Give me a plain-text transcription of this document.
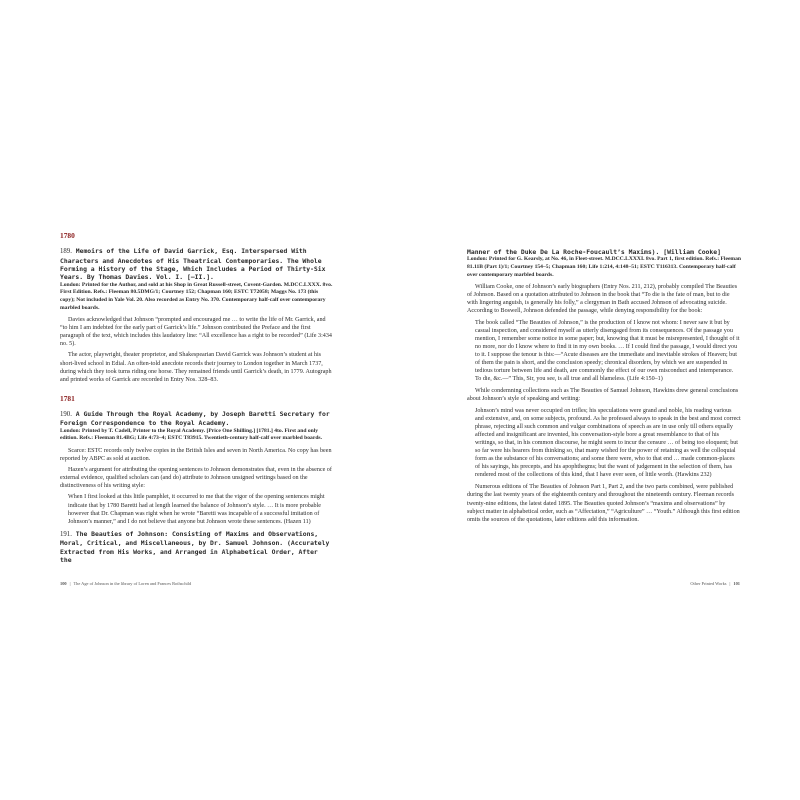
1780

189. Memoirs of the Life of David Garrick, Esq. Interspersed With Characters and Anecdotes of His Theatrical Contemporaries. The Whole Forming a History of the Stage, Which Includes a Period of Thirty-Six Years. By Thomas Davies. Vol. I. [–II.].

London: Printed for the Author, and sold at his Shop in Great Russell-street, Covent-Garden. M.DCC.LXXX. 8vo. First Edition. Refs.: Fleeman 80.5DMG/1; Courtney 152; Chapman 160; ESTC T72058; Maggs No. 173 (this copy); Not included in Yale Vol. 20. Also recorded as Entry No. 370. Contemporary half-calf over contemporary marbled boards.

Davies acknowledged that Johnson “prompted and encouraged me … to write the life of Mr. Garrick, and “to him I am indebted for the early part of Garrick’s life.” Johnson contributed the Preface and the first paragraph of the text, which includes this laudatory line: “All excellence has a right to be recorded” (Life 3:434 no. 5).

The actor, playwright, theater proprietor, and Shakespearian David Garrick was Johnson’s student at his short-lived school in Edial. An often-told anecdote records their journey to London together in March 1737, during which they took turns riding one horse. They remained friends until Garrick’s death, in 1779. Autograph and printed works of Garrick are recorded in Entry Nos. 328–83.

1781

190. A Guide Through the Royal Academy, by Joseph Baretti Secretary for Foreign Correspondence to the Royal Academy.

London: Printed by T. Cadell, Printer to the Royal Academy. [Price One Shilling.] [1781.] 4to. First and only edition. Refs.: Fleeman 81.4BG; Life 4:73–4; ESTC T83915. Twentieth-century half-calf over marbled boards.

Scarce: ESTC records only twelve copies in the British Isles and seven in North America. No copy has been reported by ABPC as sold at auction.

Hazen’s argument for attributing the opening sentences to Johnson demonstrates that, even in the absence of external evidence, qualified scholars can (and do) attribute to Johnson unsigned writings based on the distinctiveness of his writing style:

When I first looked at this little pamphlet, it occurred to me that the vigor of the opening sentences might indicate that by 1780 Baretti had at length learned the balance of Johnson’s style. … It is more probable however that Dr. Chapman was right when he wrote “Baretti was incapable of a successful imitation of Johnson’s manner,” and I do not believe that anyone but Johnson wrote these sentences. (Hazen 11)

191. The Beauties of Johnson: Consisting of Maxims and Observations, Moral, Critical, and Miscellaneous, by Dr. Samuel Johnson. (Accurately Extracted from His Works, and Arranged in Alphabetical Order, After the

100 | The Age of Johnson in the library of Loren and Frances Rothschild

Manner of the Duke De La Roche-Foucault’s Maxims). [William Cooke]

London: Printed for G. Kearsly, at No. 46, in Fleet-street. M.DCC.LXXXI. 8vo. Part 1, first edition. Refs.: Fleeman 81.11B (Part 1)/1; Courtney 154–5; Chapman 160; Life 1:214, 4:148–51; ESTC T116313. Contemporary half-calf over contemporary marbled boards.

William Cooke, one of Johnson’s early biographers (Entry Nos. 211, 212), probably compiled The Beauties of Johnson. Based on a quotation attributed to Johnson in the book that “To die is the fate of man, but to die with lingering anguish, is generally his folly,” a clergyman in Bath accused Johnson of advocating suicide. According to Boswell, Johnson defended the passage, while denying responsibility for the book:

The book called “The Beauties of Johnson,” is the production of I know not whom: I never saw it but by casual inspection, and considered myself as utterly disengaged from its consequences. Of the passage you mention, I remember some notice in some paper; but, knowing that it must be misrepresented, I thought of it no more, nor do I know where to find it in my own books. … If I could find the passage, I would direct you to it. I suppose the tenour is this:—“Acute diseases are the immediate and inevitable strokes of Heaven; but of them the pain is short, and the conclusion speedy; chronical disorders, by which we are suspended in tedious torture between life and death, are commonly the effect of our own misconduct and intemperance. To die, &c.—” This, Sir, you see, is all true and all blameless. (Life 4:150–1)

While condemning collections such as The Beauties of Samuel Johnson, Hawkins drew general conclusions about Johnson’s style of speaking and writing:

Johnson’s mind was never occupied on trifles; his speculations were grand and noble, his reading various and extensive, and, on some subjects, profound. As he professed always to speak in the best and most correct phrase, rejecting all such common and vulgar combinations of speech as are in use only till others equally affected and insignificant are invented, his conversation-style bore a great resemblance to that of his writings, so that, in his common discourse, he might seem to incur the censure … of being too eloquent; but so far were his hearers from thinking so, that many wished for the power of retaining as well the colloquial form as the substance of his conversations; and some there were, who to that end … made common-places of his sayings, his precepts, and his apophthegms; but the want of judgement in the selection of them, has rendered most of the collections of this kind, that I have ever seen, of little worth. (Hawkins 232)

Numerous editions of The Beauties of Johnson Part 1, Part 2, and the two parts combined, were published during the last twenty years of the eighteenth century and throughout the nineteenth century. Fleeman records twenty-nine editions, the latest dated 1895. The Beauties quoted Johnson’s “maxims and observations” by subject matter in alphabetical order, such as “Affectation,” “Agriculture” … “Youth.” Although this first edition omits the sources of the quotations, later editions add this information.

Other Printed Works | 101
